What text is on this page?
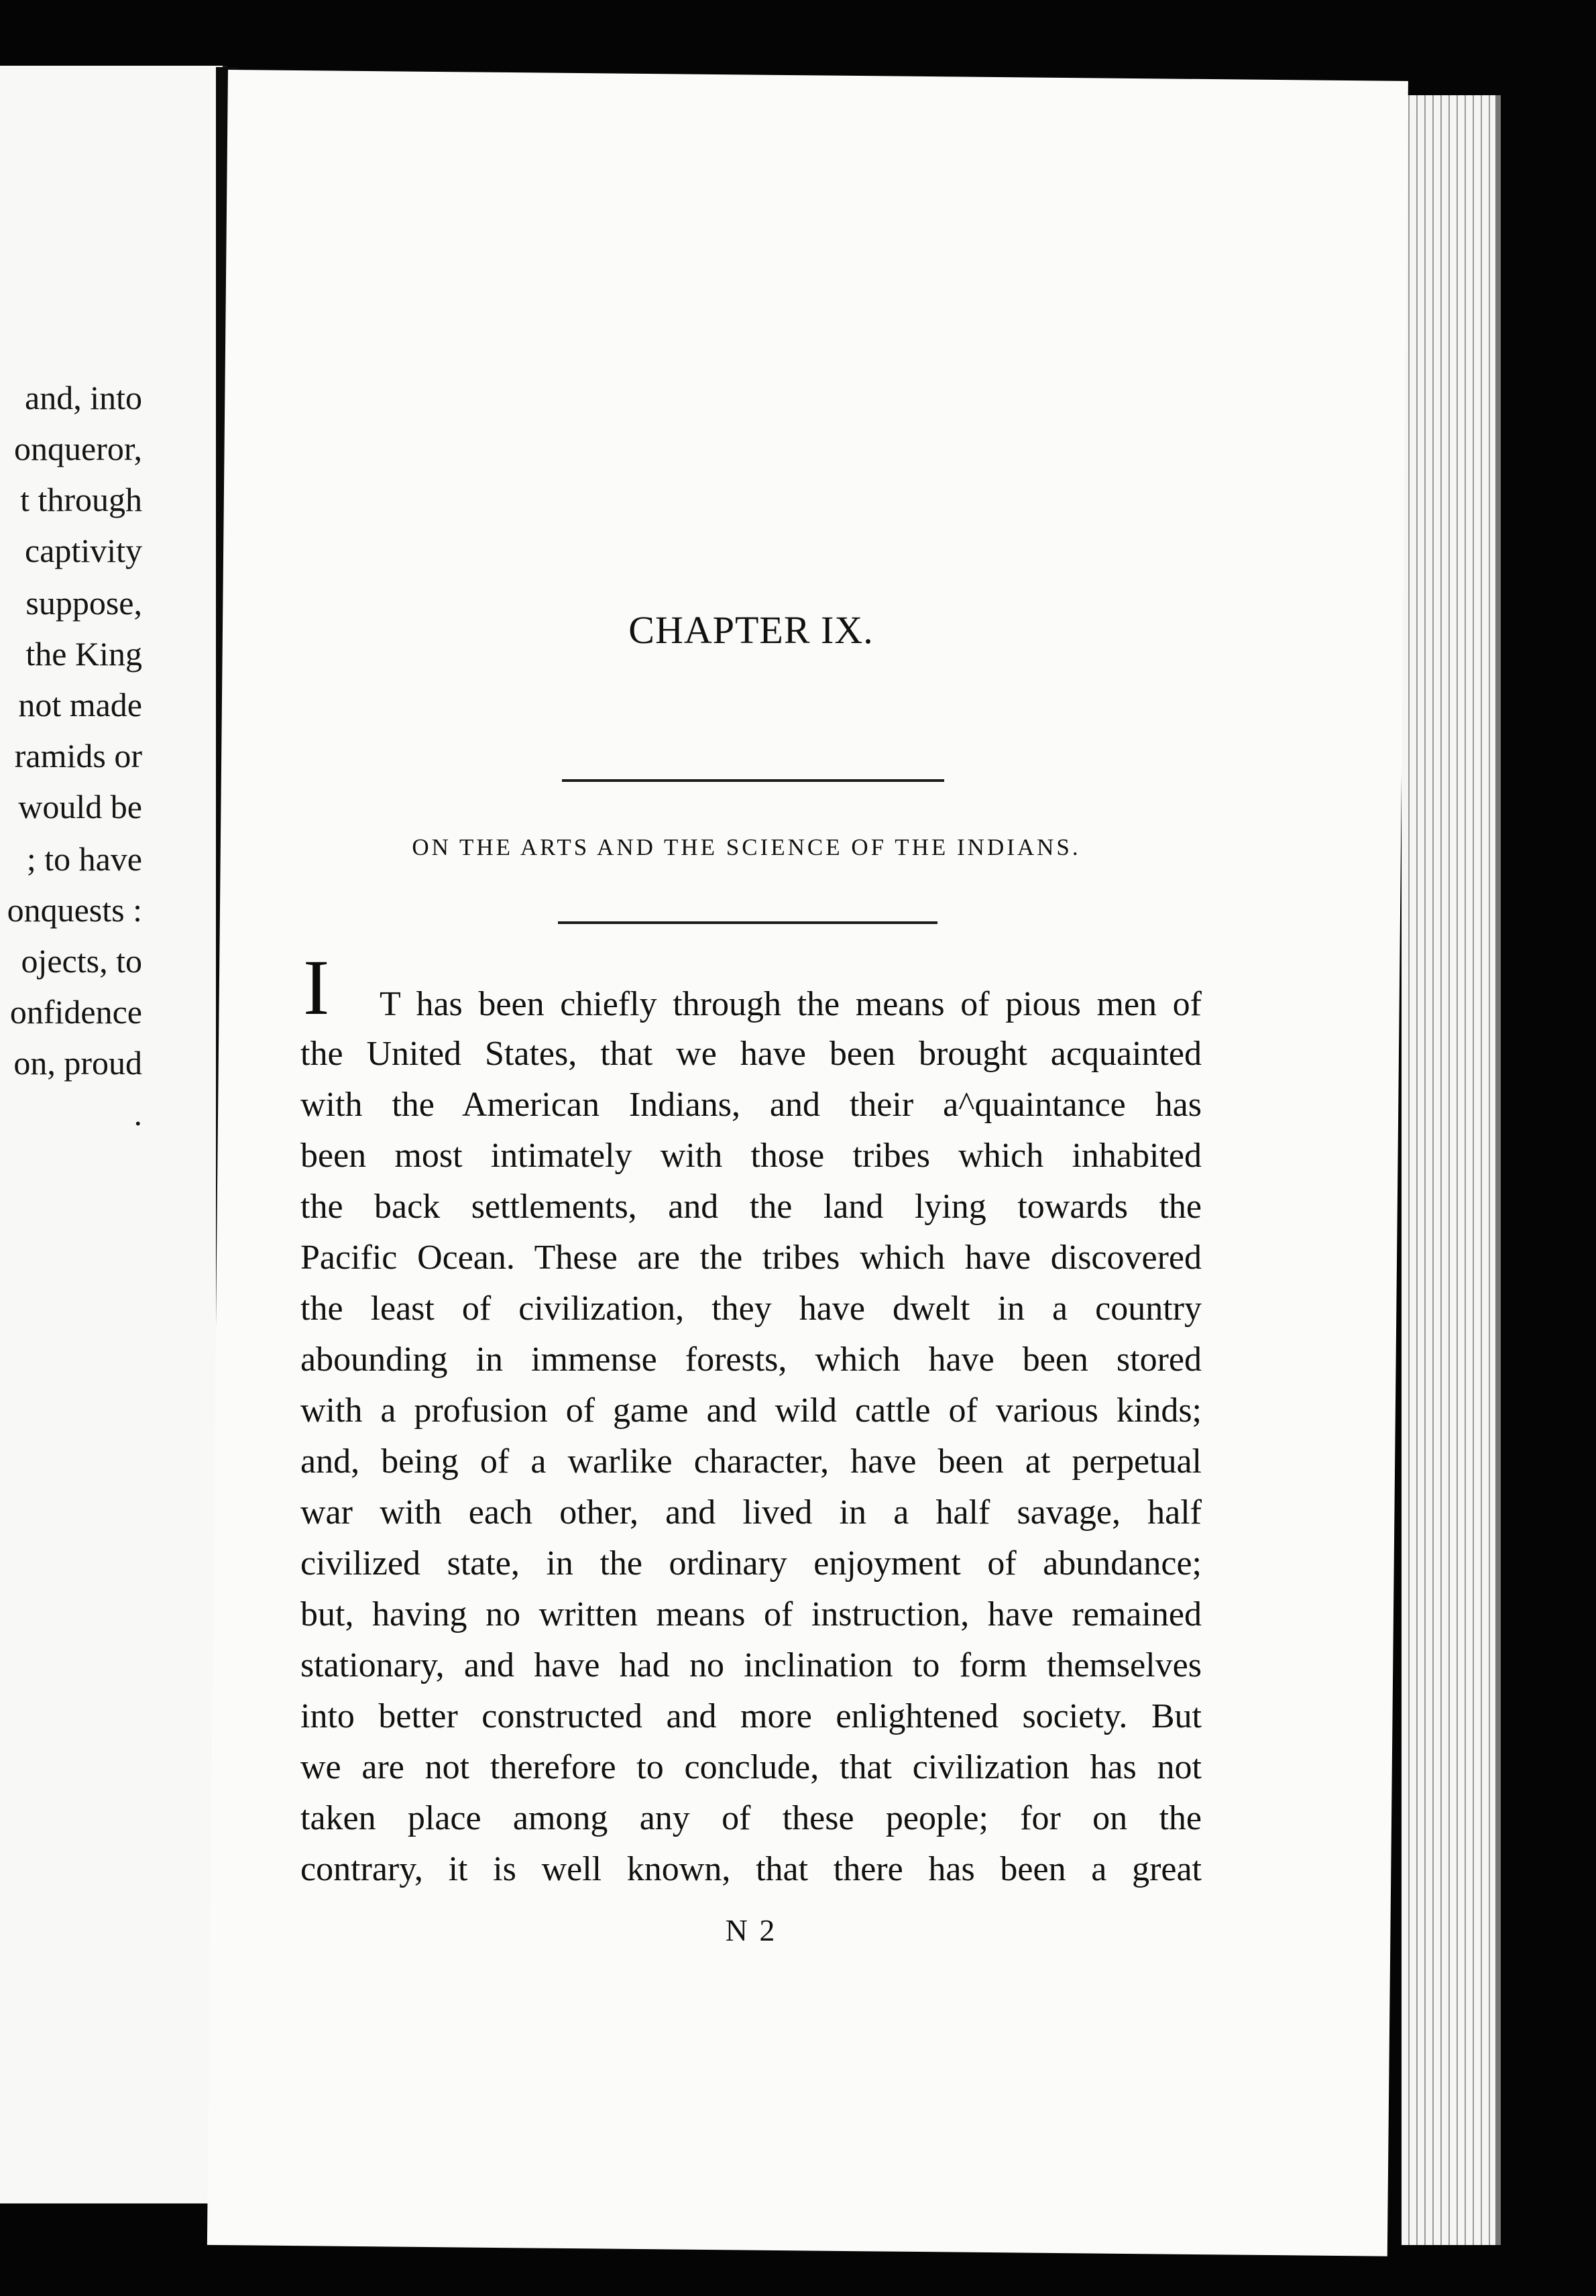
and, into
onqueror,
t through
captivity
suppose,
the King
not made
ramids or
would be
; to have
onquests :
ojects, to
onfidence
on, proud
.
CHAPTER IX.
ON THE ARTS AND THE SCIENCE OF THE INDIANS.
I T has been chiefly through the means of pious men of
the United States, that we have been brought acquainted
with the American Indians, and their a^quaintance has
been most intimately with those tribes which inhabited
the back settlements, and the land lying towards the
Pacific Ocean. These are the tribes which have discovered
the least of civilization, they have dwelt in a country
abounding in immense forests, which have been stored
with a profusion of game and wild cattle of various kinds;
and, being of a warlike character, have been at perpetual
war with each other, and lived in a half savage, half
civilized state, in the ordinary enjoyment of abundance;
but, having no written means of instruction, have remained
stationary, and have had no inclination to form themselves
into better constructed and more enlightened society. But
we are not therefore to conclude, that civilization has not
taken place among any of these people; for on the
contrary, it is well known, that there has been a great
N 2
